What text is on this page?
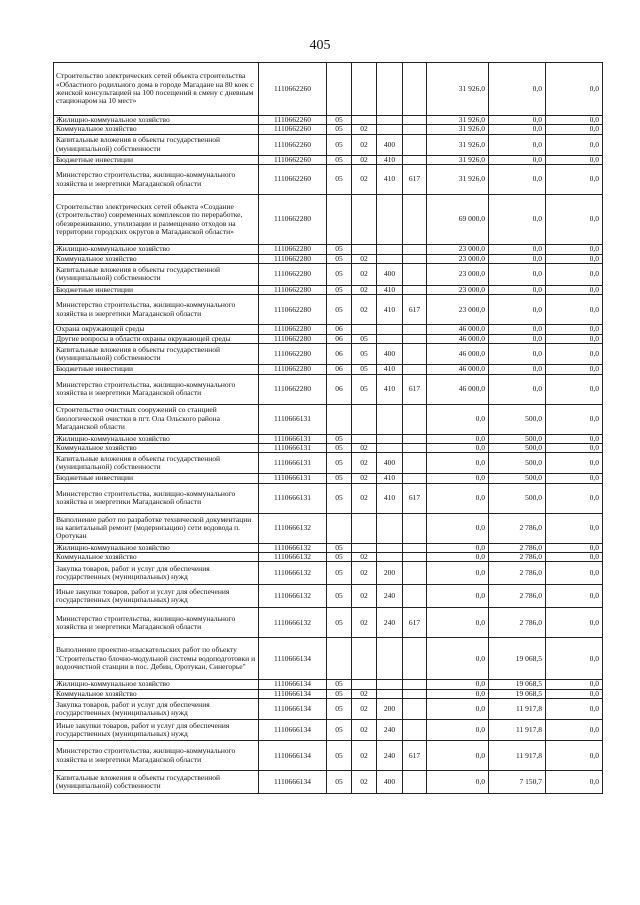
405
Строительство электрических сетей объекта строительства «Областного родильного дома в городе Магадане на 80 коек с женской консультацией на 100 посещений в смену с дневным стационаром на 10 мест»	1110662260					31 926,0	0,0	0,0
Жилищно-коммунальное хозяйство	1110662260	05				31 926,0	0,0	0,0
Коммунальное хозяйство	1110662260	05	02			31 926,0	0,0	0,0
Капитальные вложения в объекты государственной (муниципальной) собственности	1110662260	05	02	400		31 926,0	0,0	0,0
Бюджетные инвестиции	1110662260	05	02	410		31 926,0	0,0	0,0
Министерство строительства, жилищно-коммунального хозяйства и энергетики Магаданской области	1110662260	05	02	410	617	31 926,0	0,0	0,0
Строительство электрических сетей объекта «Создание (строительство) современных комплексов по переработке, обезвреживанию, утилизации и размещению отходов на территории городских округов в Магаданской области»	1110662280					69 000,0	0,0	0,0
Жилищно-коммунальное хозяйство	1110662280	05				23 000,0	0,0	0,0
Коммунальное хозяйство	1110662280	05	02			23 000,0	0,0	0,0
Капитальные вложения в объекты государственной (муниципальной) собственности	1110662280	05	02	400		23 000,0	0,0	0,0
Бюджетные инвестиции	1110662280	05	02	410		23 000,0	0,0	0,0
Министерство строительства, жилищно-коммунального хозяйства и энергетики Магаданской области	1110662280	05	02	410	617	23 000,0	0,0	0,0
Охрана окружающей среды	1110662280	06				46 000,0	0,0	0,0
Другие вопросы в области охраны окружающей среды	1110662280	06	05			46 000,0	0,0	0,0
Капитальные вложения в объекты государственной (муниципальной) собственности	1110662280	06	05	400		46 000,0	0,0	0,0
Бюджетные инвестиции	1110662280	06	05	410		46 000,0	0,0	0,0
Министерство строительства, жилищно-коммунального хозяйства и энергетики Магаданской области	1110662280	06	05	410	617	46 000,0	0,0	0,0
Строительство очистных сооружений со станцией биологической очистки в пгт. Ола Ольского района Магаданской области	1110666131					0,0	500,0	0,0
Жилищно-коммунальное хозяйство	1110666131	05				0,0	500,0	0,0
Коммунальное хозяйство	1110666131	05	02			0,0	500,0	0,0
Капитальные вложения в объекты государственной (муниципальной) собственности	1110666131	05	02	400		0,0	500,0	0,0
Бюджетные инвестиции	1110666131	05	02	410		0,0	500,0	0,0
Министерство строительства, жилищно-коммунального хозяйства и энергетики Магаданской области	1110666131	05	02	410	617	0,0	500,0	0,0
Выполнение работ по разработке технической документации на капитальный ремонт (модернизацию) сети водовода п. Оротукан	1110666132					0,0	2 786,0	0,0
Жилищно-коммунальное хозяйство	1110666132	05				0,0	2 786,0	0,0
Коммунальное хозяйство	1110666132	05	02			0,0	2 786,0	0,0
Закупка товаров, работ и услуг для обеспечения государственных (муниципальных) нужд	1110666132	05	02	200		0,0	2 786,0	0,0
Иные закупки товаров, работ и услуг для обеспечения государственных (муниципальных) нужд	1110666132	05	02	240		0,0	2 786,0	0,0
Министерство строительства, жилищно-коммунального хозяйства и энергетики Магаданской области	1110666132	05	02	240	617	0,0	2 786,0	0,0
Выполнение проектно-изыскательских работ по объекту "Строительство блочно-модульной системы водоподготовки и водоочистной станции в пос. Дебин, Оротукан, Синегорье"	1110666134					0,0	19 068,5	0,0
Жилищно-коммунальное хозяйство	1110666134	05				0,0	19 068,5	0,0
Коммунальное хозяйство	1110666134	05	02			0,0	19 068,5	0,0
Закупка товаров, работ и услуг для обеспечения государственных (муниципальных) нужд	1110666134	05	02	200		0,0	11 917,8	0,0
Иные закупки товаров, работ и услуг для обеспечения государственных (муниципальных) нужд	1110666134	05	02	240		0,0	11 917,8	0,0
Министерство строительства, жилищно-коммунального хозяйства и энергетики Магаданской области	1110666134	05	02	240	617	0,0	11 917,8	0,0
Капитальные вложения в объекты государственной (муниципальной) собственности	1110666134	05	02	400		0,0	7 150,7	0,0
